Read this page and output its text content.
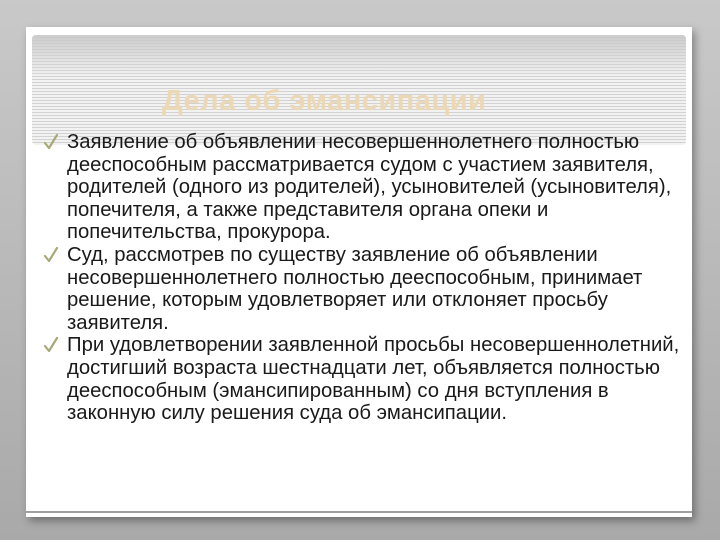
Дела об эмансипации
Заявление об объявлении несовершеннолетнего полностью дееспособным рассматривается судом с участием заявителя, родителей (одного из родителей), усыновителей (усыновителя), попечителя, а также представителя органа опеки и попечительства, прокурора.
Суд, рассмотрев по существу заявление об объявлении несовершеннолетнего полностью дееспособным, принимает решение, которым удовлетворяет или отклоняет просьбу заявителя.
При удовлетворении заявленной просьбы несовершеннолетний, достигший возраста шестнадцати лет, объявляется полностью дееспособным (эмансипированным) со дня вступления в законную силу решения суда об эмансипации.
